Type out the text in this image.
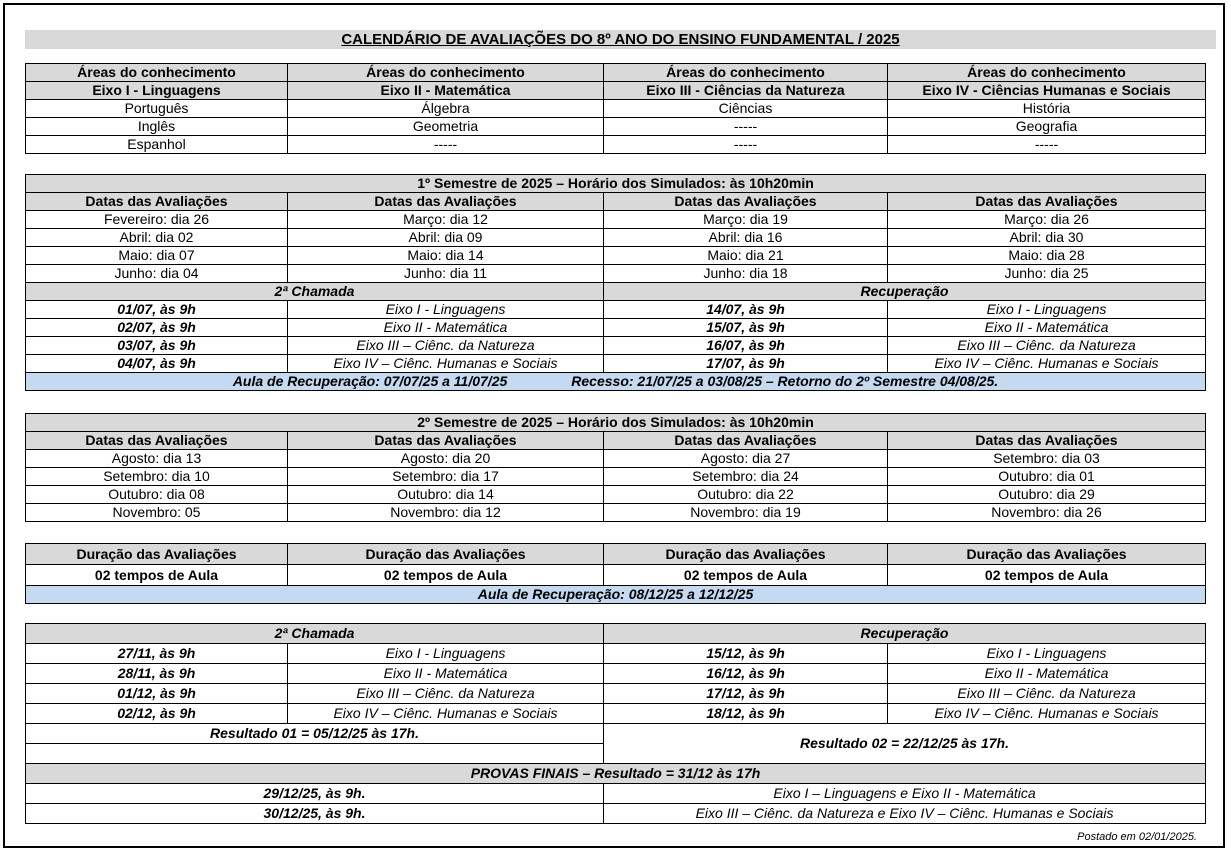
CALENDÁRIO DE AVALIAÇÕES DO 8º ANO DO ENSINO FUNDAMENTAL / 2025
Áreas do conhecimento	Áreas do conhecimento	Áreas do conhecimento	Áreas do conhecimento
Eixo I - Linguagens	Eixo II - Matemática	Eixo III - Ciências da Natureza	Eixo IV - Ciências Humanas e Sociais
Português	Álgebra	Ciências	História
Inglês	Geometria	-----	Geografia
Espanhol	-----	-----	-----
1º Semestre de 2025 – Horário dos Simulados: às 10h20min			
Datas das Avaliações	Datas das Avaliações	Datas das Avaliações	Datas das Avaliações
Fevereiro: dia 26	Março: dia 12	Março: dia 19	Março: dia 26
Abril: dia 02	Abril: dia 09	Abril: dia 16	Abril: dia 30
Maio: dia 07	Maio: dia 14	Maio: dia 21	Maio: dia 28
Junho: dia 04	Junho: dia 11	Junho: dia 18	Junho: dia 25
2ª Chamada		Recuperação	
01/07, às 9h	Eixo I - Linguagens	14/07, às 9h	Eixo I - Linguagens
02/07, às 9h	Eixo II - Matemática	15/07, às 9h	Eixo II - Matemática
03/07, às 9h	Eixo III – Ciênc. da Natureza	16/07, às 9h	Eixo III – Ciênc. da Natureza
04/07, às 9h	Eixo IV – Ciênc. Humanas e Sociais	17/07, às 9h	Eixo IV – Ciênc. Humanas e Sociais
Aula de Recuperação: 07/07/25 a 11/07/25 Recesso: 21/07/25 a 03/08/25 – Retorno do 2º Semestre 04/08/25.			
2º Semestre de 2025 – Horário dos Simulados: às 10h20min			
Datas das Avaliações	Datas das Avaliações	Datas das Avaliações	Datas das Avaliações
Agosto: dia 13	Agosto: dia 20	Agosto: dia 27	Setembro: dia 03
Setembro: dia 10	Setembro: dia 17	Setembro: dia 24	Outubro: dia 01
Outubro: dia 08	Outubro: dia 14	Outubro: dia 22	Outubro: dia 29
Novembro: 05	Novembro: dia 12	Novembro: dia 19	Novembro: dia 26
Duração das Avaliações	Duração das Avaliações	Duração das Avaliações	Duração das Avaliações
02 tempos de Aula	02 tempos de Aula	02 tempos de Aula	02 tempos de Aula
Aula de Recuperação: 08/12/25 a 12/12/25			
2ª Chamada		Recuperação	
27/11, às 9h	Eixo I - Linguagens	15/12, às 9h	Eixo I - Linguagens
28/11, às 9h	Eixo II - Matemática	16/12, às 9h	Eixo II - Matemática
01/12, às 9h	Eixo III – Ciênc. da Natureza	17/12, às 9h	Eixo III – Ciênc. da Natureza
02/12, às 9h	Eixo IV – Ciênc. Humanas e Sociais	18/12, às 9h	Eixo IV – Ciênc. Humanas e Sociais
Resultado 01 = 05/12/25 às 17h.		Resultado 02 = 22/12/25 às 17h.	

PROVAS FINAIS – Resultado = 31/12 às 17h			
29/12/25, às 9h.		Eixo I – Linguagens e Eixo II - Matemática	
30/12/25, às 9h.		Eixo III – Ciênc. da Natureza e Eixo IV – Ciênc. Humanas e Sociais	
Postado em 02/01/2025.
